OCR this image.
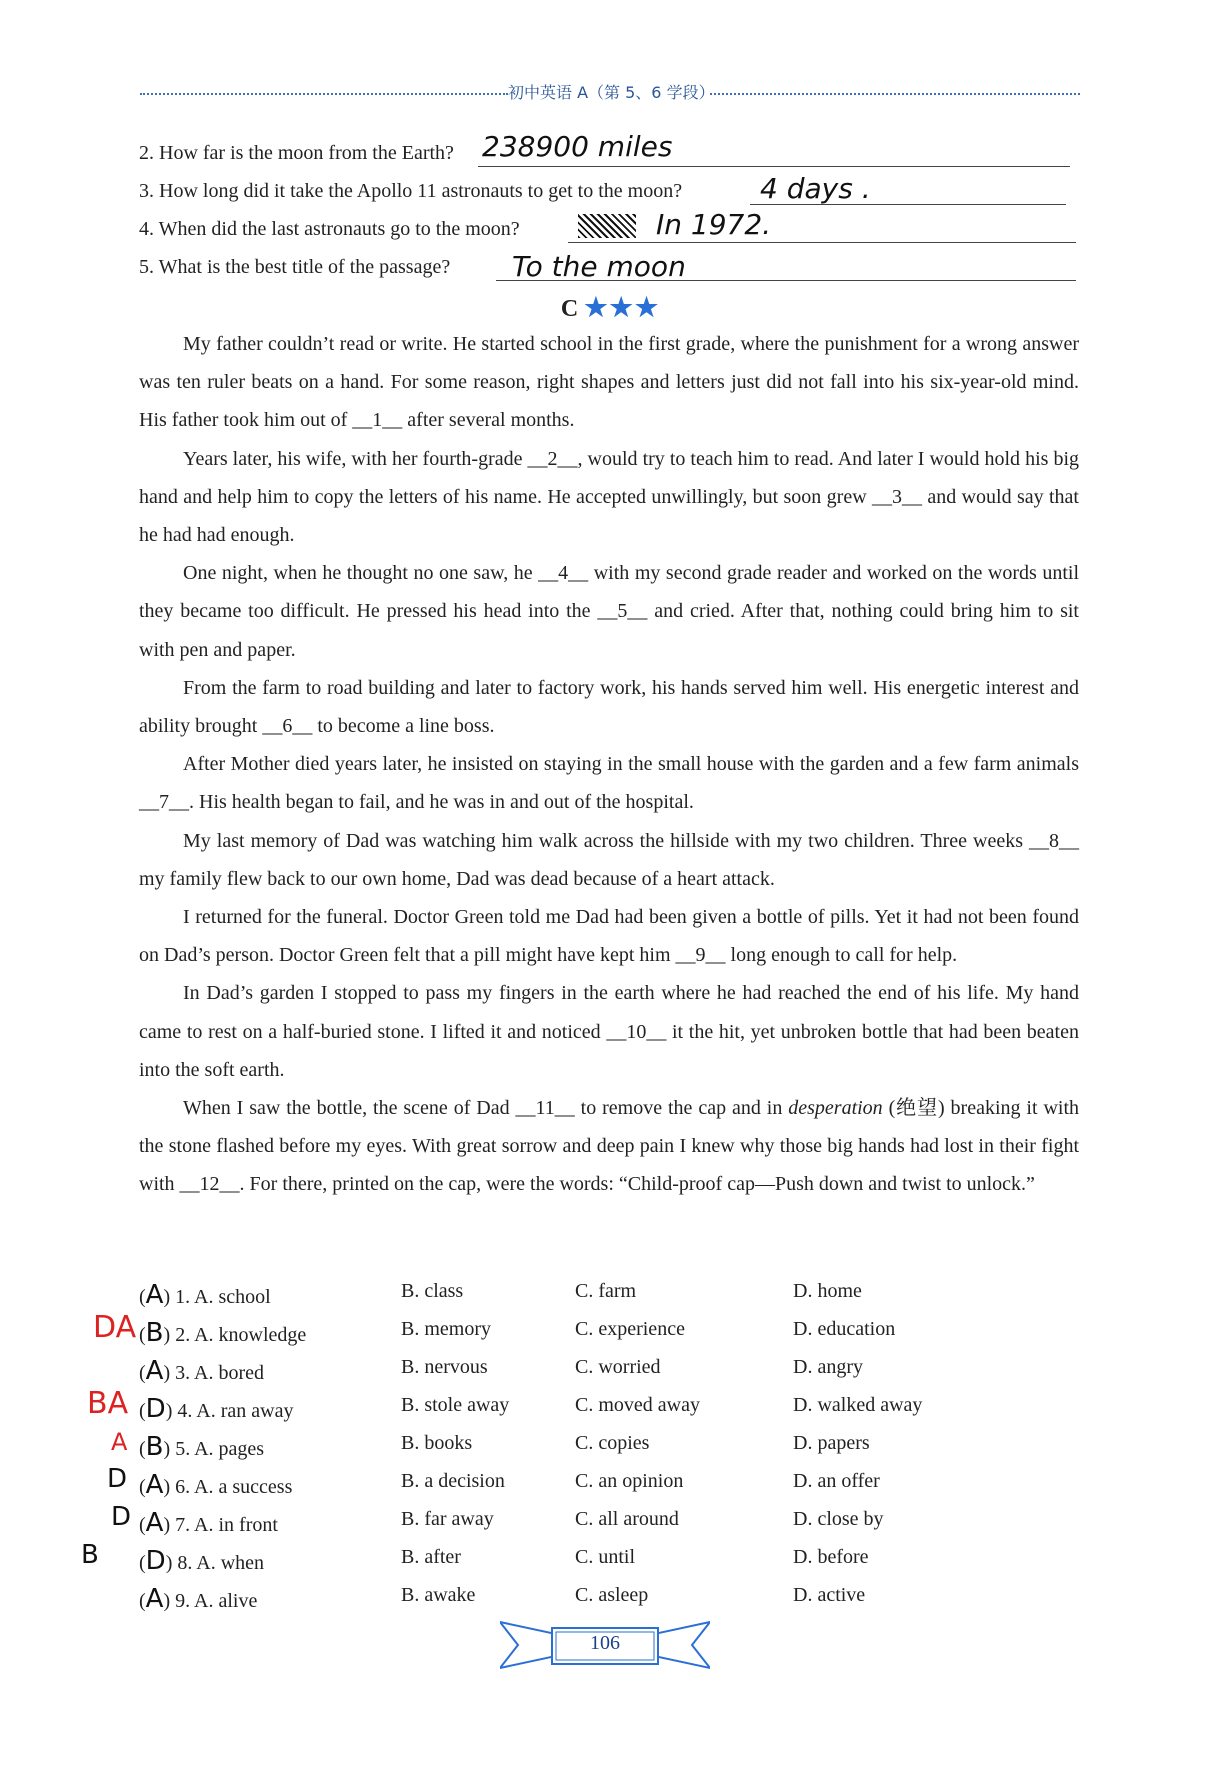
初中英语 A（第 5、6 学段）
2. How far is the moon from the Earth? 238900 miles
3. How long did it take the Apollo 11 astronauts to get to the moon?	4 days .
4. When did the last astronauts go to the moon?	In 1972.
5. What is the best title of the passage? To the moon
C ★★★

My father couldn’t read or write. He started school in the first grade, where the punishment for a wrong answer was ten ruler beats on a hand. For some reason, right shapes and letters just did not fall into his six-year-old mind. His father took him out of __1__ after several months.

Years later, his wife, with her fourth-grade __2__, would try to teach him to read. And later I would hold his big hand and help him to copy the letters of his name. He accepted unwillingly, but soon grew __3__ and would say that he had had enough.

One night, when he thought no one saw, he __4__ with my second grade reader and worked on the words until they became too difficult. He pressed his head into the __5__ and cried. After that, nothing could bring him to sit with pen and paper.

From the farm to road building and later to factory work, his hands served him well. His energetic interest and ability brought __6__ to become a line boss.

After Mother died years later, he insisted on staying in the small house with the garden and a few farm animals __7__. His health began to fail, and he was in and out of the hospital.

My last memory of Dad was watching him walk across the hillside with my two children. Three weeks __8__ my family flew back to our own home, Dad was dead because of a heart attack.

I returned for the funeral. Doctor Green told me Dad had been given a bottle of pills. Yet it had not been found on Dad’s person. Doctor Green felt that a pill might have kept him __9__ long enough to call for help.

In Dad’s garden I stopped to pass my fingers in the earth where he had reached the end of his life. My hand came to rest on a half-buried stone. I lifted it and noticed __10__ it the hit, yet unbroken bottle that had been beaten into the soft earth.

When I saw the bottle, the scene of Dad __11__ to remove the cap and in desperation (绝望) breaking it with the stone flashed before my eyes. With great sorrow and deep pain I knew why those big hands had lost in their fight with __12__. For there, printed on the cap, were the words: “Child-proof cap—Push down and twist to unlock.”

(A) 1. A. school	B. class	C. farm	D. home
DA (B) 2. A. knowledge	B. memory	C. experience	D. education
(A) 3. A. bored	B. nervous	C. worried	D. angry
BA (D) 4. A. ran away	B. stole away	C. moved away	D. walked away
A (B) 5. A. pages	B. books	C. copies	D. papers
D (A) 6. A. a success	B. a decision	C. an opinion	D. an offer
D (A) 7. A. in front	B. far away	C. all around	D. close by
B (D) 8. A. when	B. after	C. until	D. before
(A) 9. A. alive	B. awake	C. asleep	D. active
106
